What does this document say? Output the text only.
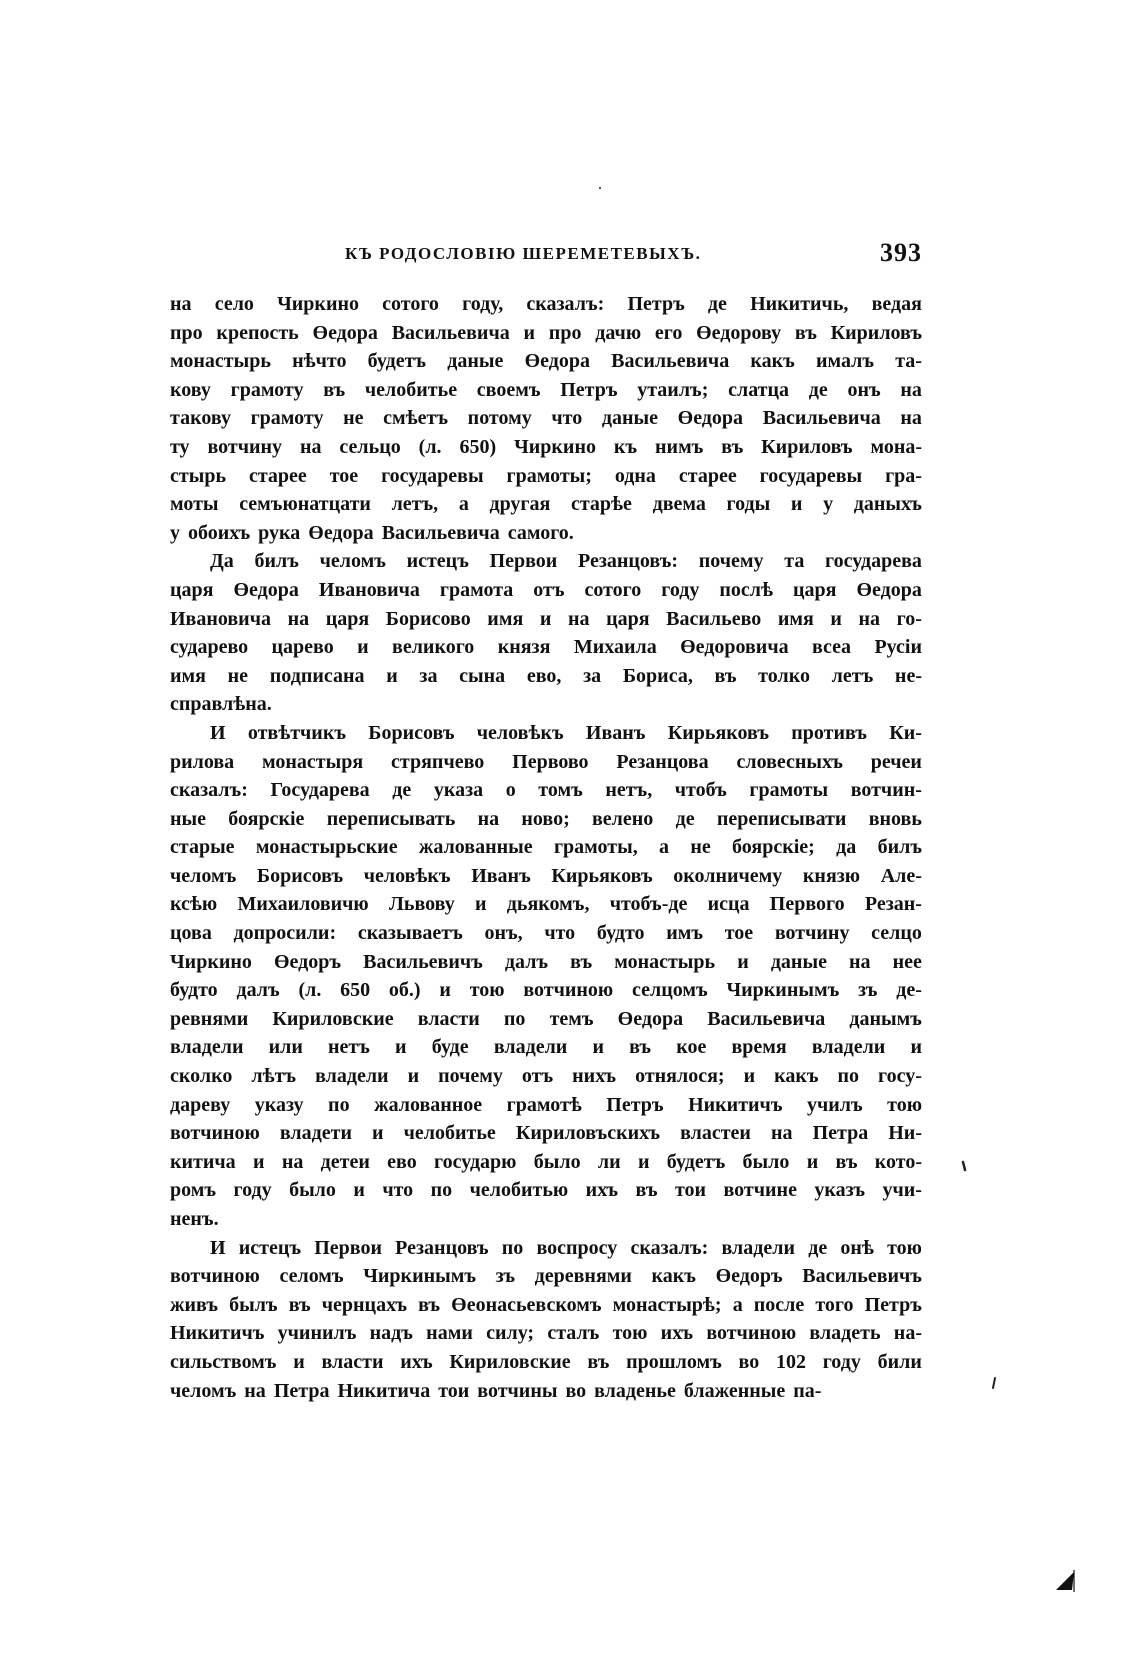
КЪ РОДОСЛОВІЮ ШЕРЕМЕТЕВЫХЪ.	393
на село Чиркино сотого году, сказалъ: Петръ де Никитичь, ведая
про крепость Өедора Васильевича и про дачю его Өедорову въ Кириловъ
монастырь нѣчто будетъ даные Өедора Васильевича какъ ималъ та-
кову грамоту въ челобитье своемъ Петръ утаилъ; слатца де онъ на
такову грамоту не смѣетъ потому что даные Өедора Васильевича на
ту вотчину на сельцо (л. 650) Чиркино къ нимъ въ Кириловъ мона-
стырь старее тое государевы грамоты; одна старее государевы гра-
моты семъюнатцати летъ, а другая старѣе двема годы и у даныхъ
у обоихъ рука Өедора Васильевича самого.
Да билъ челомъ истецъ Первои Резанцовъ: почему та государева
царя Өедора Ивановича грамота отъ сотого году послѣ царя Өедора
Ивановича на царя Борисово имя и на царя Васильево имя и на го-
сударево царево и великого князя Михаила Өедоровича всеа Русіи
имя не подписана и за сына ево, за Бориса, въ толко летъ не-
справлѣна.
И отвѣтчикъ Борисовъ человѣкъ Иванъ Кирьяковъ противъ Ки-
рилова монастыря стряпчево Первово Резанцова словесныхъ речеи
сказалъ: Государева де указа о томъ нетъ, чтобъ грамоты вотчин-
ные боярскіе переписывать на ново; велено де переписывати вновь
старые монастырьские жалованные грамоты, а не боярскіе; да билъ
челомъ Борисовъ человѣкъ Иванъ Кирьяковъ околничему князю Але-
ксѣю Михаиловичю Львову и дьякомъ, чтобъ-де исца Первого Резан-
цова допросили: сказываетъ онъ, что будто имъ тое вотчину селцо
Чиркино Өедоръ Васильевичъ далъ въ монастырь и даные на нее
будто далъ (л. 650 об.) и тою вотчиною селцомъ Чиркинымъ зъ де-
ревнями Кириловские власти по темъ Өедора Васильевича данымъ
владели или нетъ и буде владели и въ кое время владели и
сколко лѣтъ владели и почему отъ нихъ отнялося; и какъ по госу-
дареву указу по жалованное грамотѣ Петръ Никитичъ училъ тою
вотчиною владети и челобитье Кириловъскихъ властеи на Петра Ни-
китича и на детеи ево государю было ли и будетъ было и въ кото-
ромъ году было и что по челобитью ихъ въ тои вотчине указъ учи-
ненъ.
И истецъ Первои Резанцовъ по воспросу сказалъ: владели де онѣ тою
вотчиною селомъ Чиркинымъ зъ деревнями какъ Өедоръ Васильевичъ
живъ былъ въ чернцахъ въ Өеонасьевскомъ монастырѣ; а после того Петръ
Никитичъ учинилъ надъ нами силу; сталъ тою ихъ вотчиною владеть на-
сильствомъ и власти ихъ Кириловские въ прошломъ во 102 году били
челомъ на Петра Никитича тои вотчины во владенье блаженные па-
